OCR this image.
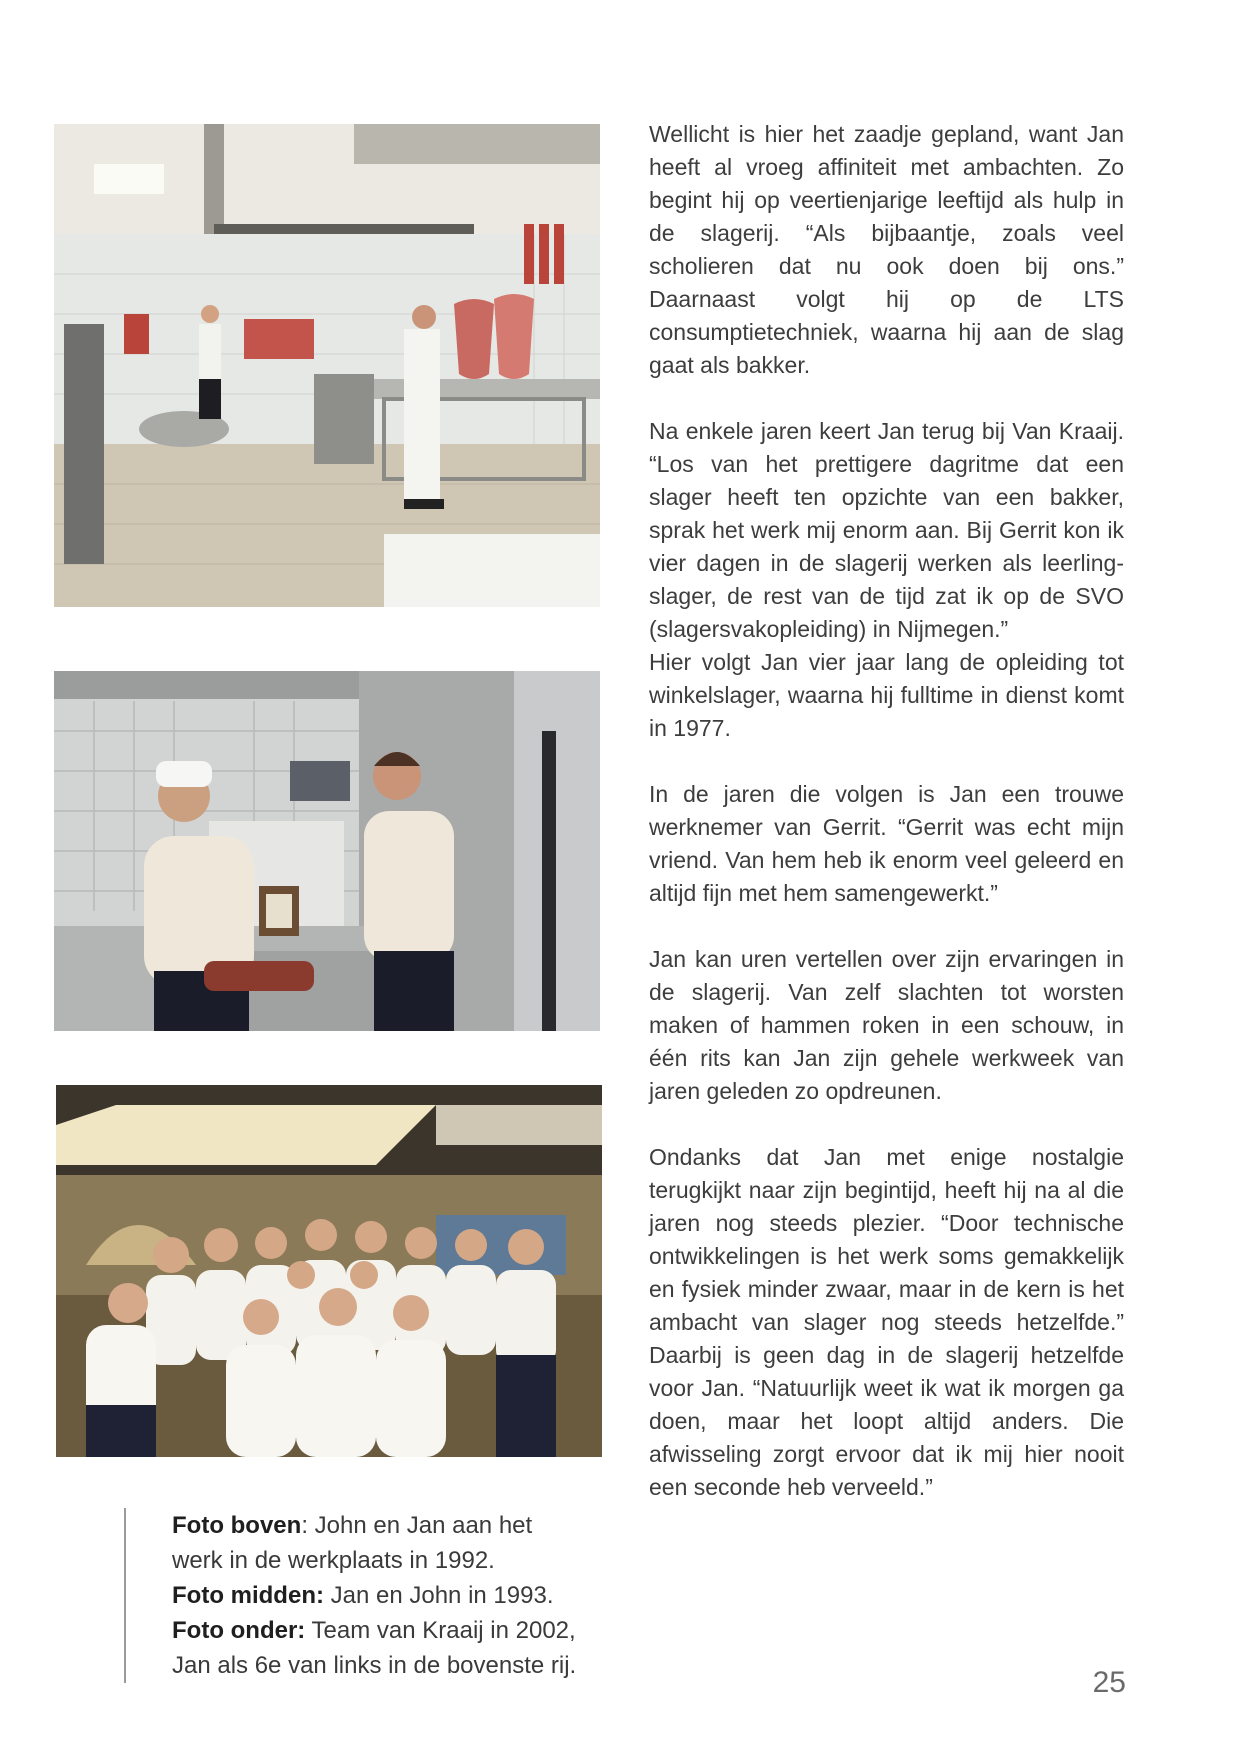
Wellicht is hier het zaadje gepland, want Jan heeft al vroeg affiniteit met ambachten. Zo begint hij op veertienjarige leeftijd als hulp in de slagerij. “Als bijbaantje, zoals veel scholieren dat nu ook doen bij ons.” Daarnaast volgt hij op de LTS consumptietechniek, waarna hij aan de slag gaat als bakker.

Na enkele jaren keert Jan terug bij Van Kraaij. “Los van het prettigere dagritme dat een slager heeft ten opzichte van een bakker, sprak het werk mij enorm aan. Bij Gerrit kon ik vier dagen in de slagerij werken als leerling-slager, de rest van de tijd zat ik op de SVO (slagersvakopleiding) in Nijmegen.”

Hier volgt Jan vier jaar lang de opleiding tot winkelslager, waarna hij fulltime in dienst komt in 1977.

In de jaren die volgen is Jan een trouwe werknemer van Gerrit. “Gerrit was echt mijn vriend. Van hem heb ik enorm veel geleerd en altijd fijn met hem samengewerkt.”

Jan kan uren vertellen over zijn ervaringen in de slagerij. Van zelf slachten tot worsten maken of hammen roken in een schouw, in één rits kan Jan zijn gehele werkweek van jaren geleden zo opdreunen.

Ondanks dat Jan met enige nostalgie terugkijkt naar zijn begintijd, heeft hij na al die jaren nog steeds plezier. “Door technische ontwikkelingen is het werk soms gemakkelijk en fysiek minder zwaar, maar in de kern is het ambacht van slager nog steeds hetzelfde.” Daarbij is geen dag in de slagerij hetzelfde voor Jan. “Natuurlijk weet ik wat ik morgen ga doen, maar het loopt altijd anders. Die afwisseling zorgt ervoor dat ik mij hier nooit een seconde heb verveeld.”

Foto boven: John en Jan aan het
werk in de werkplaats in 1992.
Foto midden: Jan en John in 1993.
Foto onder: Team van Kraaij in 2002,
Jan als 6e van links in de bovenste rij.
25
